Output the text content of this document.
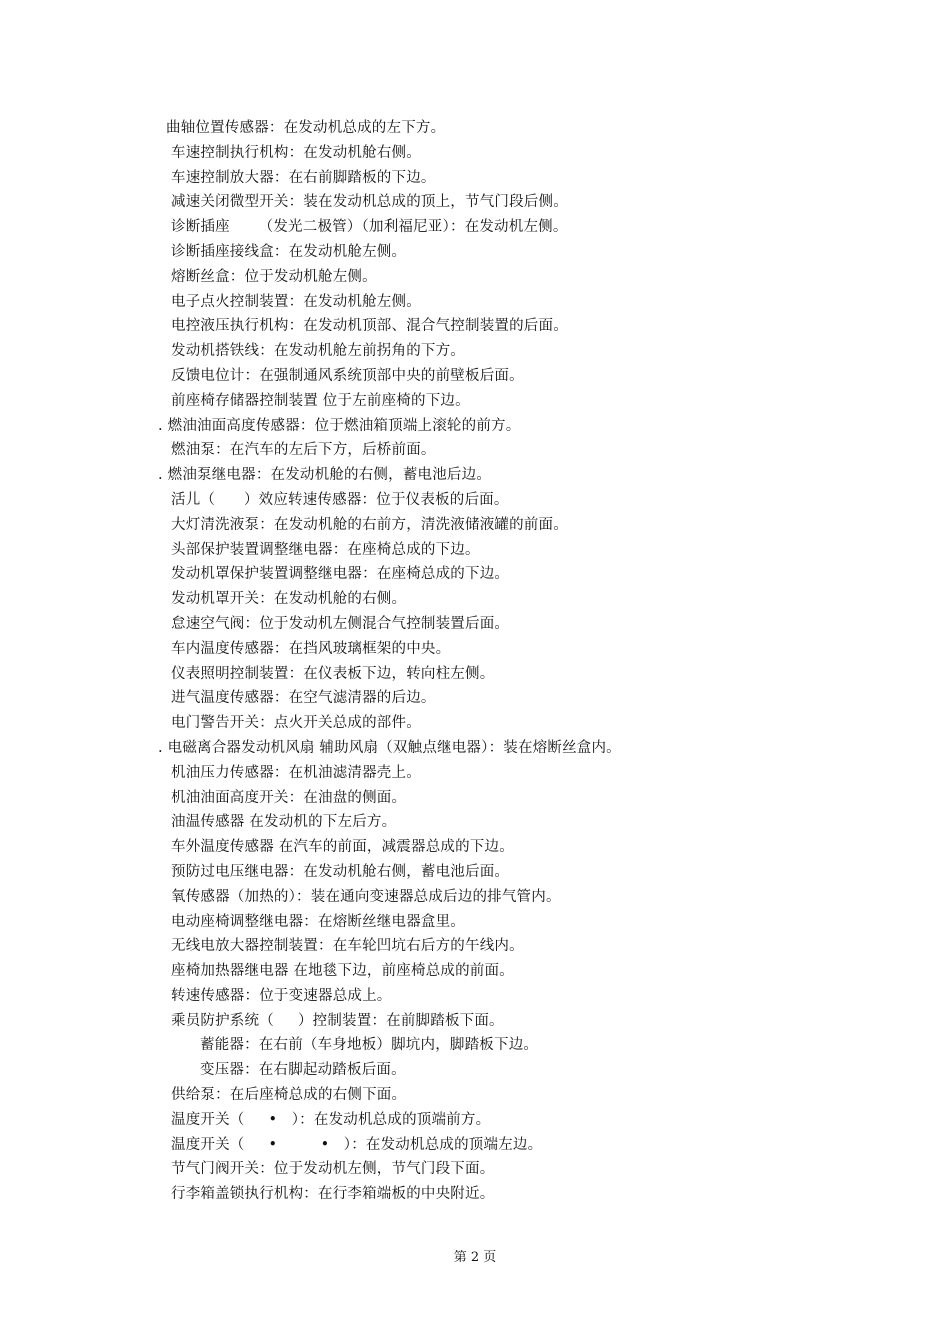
曲轴位置传感器：在发动机总成的左下方。
车速控制执行机构：在发动机舱右侧。
车速控制放大器：在右前脚踏板的下边。
减速关闭微型开关：装在发动机总成的顶上，节气门段后侧。
诊断插座      （发光二极管）（加利福尼亚）：在发动机左侧。
诊断插座接线盒：在发动机舱左侧。
熔断丝盒：位于发动机舱左侧。
电子点火控制装置：在发动机舱左侧。
电控液压执行机构：在发动机顶部、混合气控制装置的后面。
发动机搭铁线：在发动机舱左前拐角的下方。
反馈电位计：在强制通风系统顶部中央的前壁板后面。
前座椅存储器控制装置 位于左前座椅的下边。
. 燃油油面高度传感器：位于燃油箱顶端上滚轮的前方。
燃油泵：在汽车的左后下方，后桥前面。
. 燃油泵继电器：在发动机舱的右侧，蓄电池后边。
活儿（      ）效应转速传感器：位于仪表板的后面。
大灯清洗液泵：在发动机舱的右前方，清洗液储液罐的前面。
头部保护装置调整继电器：在座椅总成的下边。
发动机罩保护装置调整继电器：在座椅总成的下边。
发动机罩开关：在发动机舱的右侧。
怠速空气阀：位于发动机左侧混合气控制装置后面。
车内温度传感器：在挡风玻璃框架的中央。
仪表照明控制装置：在仪表板下边，转向柱左侧。
进气温度传感器：在空气滤清器的后边。
电门警告开关：点火开关总成的部件。
. 电磁离合器发动机风扇 辅助风扇（双触点继电器）：装在熔断丝盒内。
机油压力传感器：在机油滤清器壳上。
机油油面高度开关：在油盘的侧面。
油温传感器 在发动机的下左后方。
车外温度传感器 在汽车的前面，减震器总成的下边。
预防过电压继电器：在发动机舱右侧，蓄电池后面。
氧传感器（加热的）：装在通向变速器总成后边的排气管内。
电动座椅调整继电器：在熔断丝继电器盒里。
无线电放大器控制装置：在车轮凹坑右后方的午线内。
座椅加热器继电器 在地毯下边，前座椅总成的前面。
转速传感器：位于变速器总成上。
乘员防护系统（     ）控制装置：在前脚踏板下面。
蓄能器：在右前（车身地板）脚坑内，脚踏板下边。
变压器：在右脚起动踏板后面。
供给泵：在后座椅总成的右侧下面。
温度开关（     •   ）：在发动机总成的顶端前方。
温度开关（     •         •   ）：在发动机总成的顶端左边。
节气门阀开关：位于发动机左侧，节气门段下面。
行李箱盖锁执行机构：在行李箱端板的中央附近。
第 2 页
